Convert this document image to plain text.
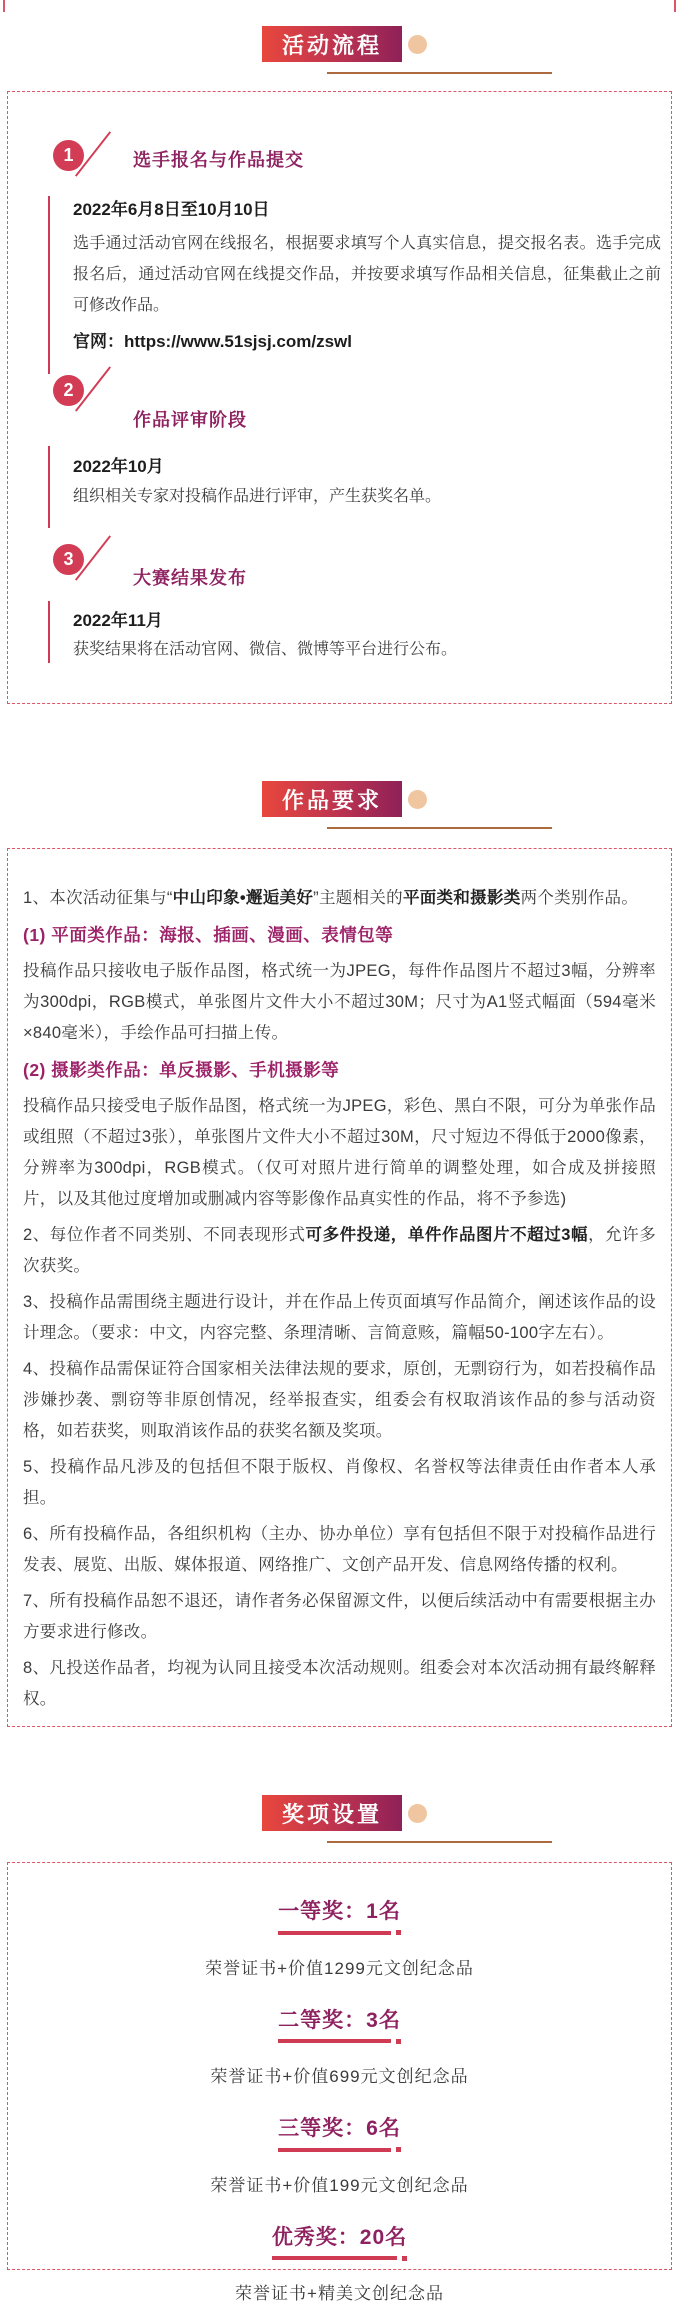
活动流程
1	选手报名与作品提交
2022年6月8日至10月10日
选手通过活动官网在线报名，根据要求填写个人真实信息，提交报名表。选手完成报名后，通过活动官网在线提交作品，并按要求填写作品相关信息，征集截止之前可修改作品。
官网：https://www.51sjsj.com/zswl
2
作品评审阶段
2022年10月
组织相关专家对投稿作品进行评审，产生获奖名单。
3
大赛结果发布
2022年11月
获奖结果将在活动官网、微信、微博等平台进行公布。
作品要求

1、本次活动征集与“中山印象•邂逅美好”主题相关的平面类和摄影类两个类别作品。

(1) 平面类作品：海报、插画、漫画、表情包等

投稿作品只接收电子版作品图，格式统一为JPEG，每件作品图片不超过3幅，分辨率为300dpi，RGB模式，单张图片文件大小不超过30M；尺寸为A1竖式幅面（594毫米×840毫米），手绘作品可扫描上传。

(2) 摄影类作品：单反摄影、手机摄影等

投稿作品只接受电子版作品图，格式统一为JPEG，彩色、黑白不限，可分为单张作品或组照（不超过3张），单张图片文件大小不超过30M，尺寸短边不得低于2000像素，分辨率为300dpi，RGB模式。（仅可对照片进行简单的调整处理，如合成及拼接照片，以及其他过度增加或删减内容等影像作品真实性的作品，将不予参选)

2、每位作者不同类别、不同表现形式可多件投递，单件作品图片不超过3幅，允许多次获奖。

3、投稿作品需围绕主题进行设计，并在作品上传页面填写作品简介，阐述该作品的设计理念。（要求：中文，内容完整、条理清晰、言简意赅，篇幅50-100字左右）。

4、投稿作品需保证符合国家相关法律法规的要求，原创，无剽窃行为，如若投稿作品涉嫌抄袭、剽窃等非原创情况，经举报查实，组委会有权取消该作品的参与活动资格，如若获奖，则取消该作品的获奖名额及奖项。

5、投稿作品凡涉及的包括但不限于版权、肖像权、名誉权等法律责任由作者本人承担。

6、所有投稿作品，各组织机构（主办、协办单位）享有包括但不限于对投稿作品进行发表、展览、出版、媒体报道、网络推广、文创产品开发、信息网络传播的权利。

7、所有投稿作品恕不退还，请作者务必保留源文件，以便后续活动中有需要根据主办方要求进行修改。

8、凡投送作品者，均视为认同且接受本次活动规则。组委会对本次活动拥有最终解释权。

奖项设置
一等奖：1名
荣誉证书+价值1299元文创纪念品
二等奖：3名
荣誉证书+价值699元文创纪念品
三等奖：6名
荣誉证书+价值199元文创纪念品
优秀奖：20名
荣誉证书+精美文创纪念品
